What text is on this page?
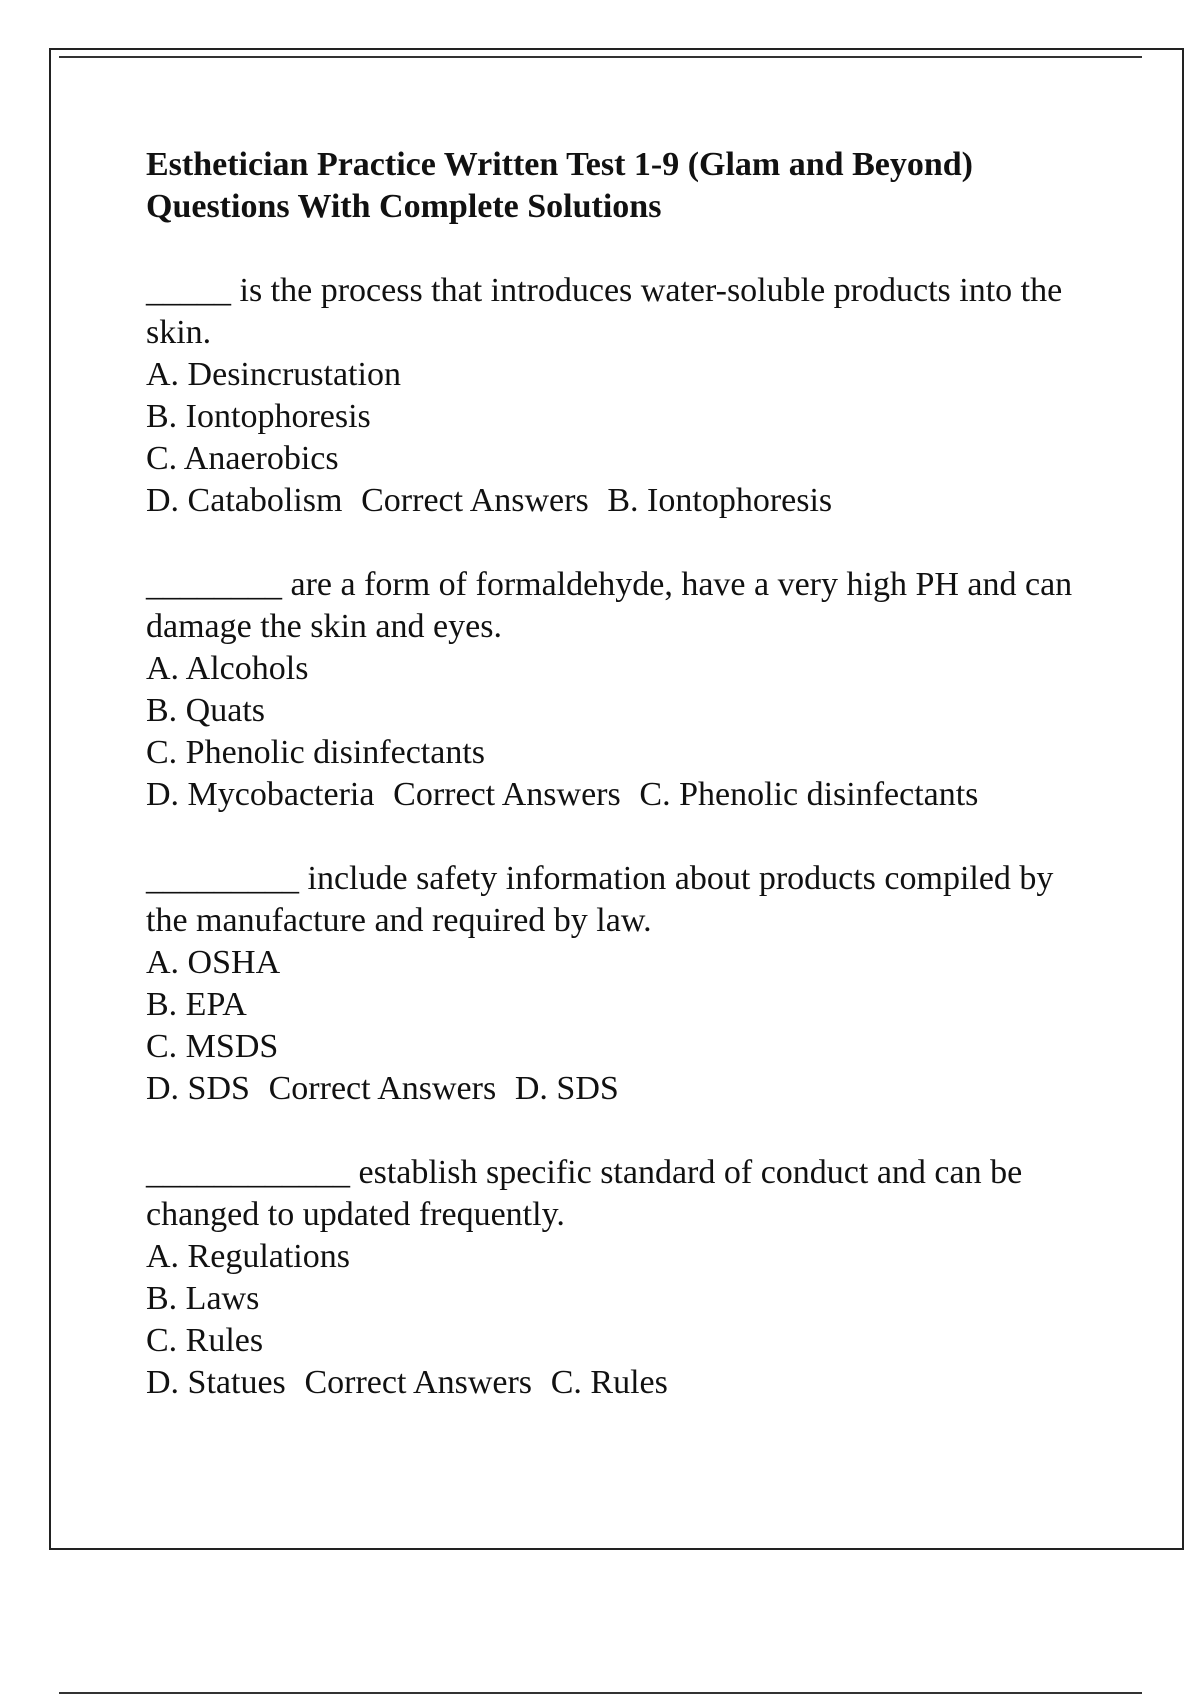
Esthetician Practice Written Test 1-9 (Glam and Beyond) Questions With Complete Solutions
_____ is the process that introduces water-soluble products into the skin.
A. Desincrustation
B. Iontophoresis
C. Anaerobics
D. Catabolism Correct Answers B. Iontophoresis
________ are a form of formaldehyde, have a very high PH and can damage the skin and eyes.
A. Alcohols
B. Quats
C. Phenolic disinfectants
D. Mycobacteria Correct Answers C. Phenolic disinfectants
_________ include safety information about products compiled by the manufacture and required by law.
A. OSHA
B. EPA
C. MSDS
D. SDS Correct Answers D. SDS
____________ establish specific standard of conduct and can be changed to updated frequently.
A. Regulations
B. Laws
C. Rules
D. Statues Correct Answers C. Rules
